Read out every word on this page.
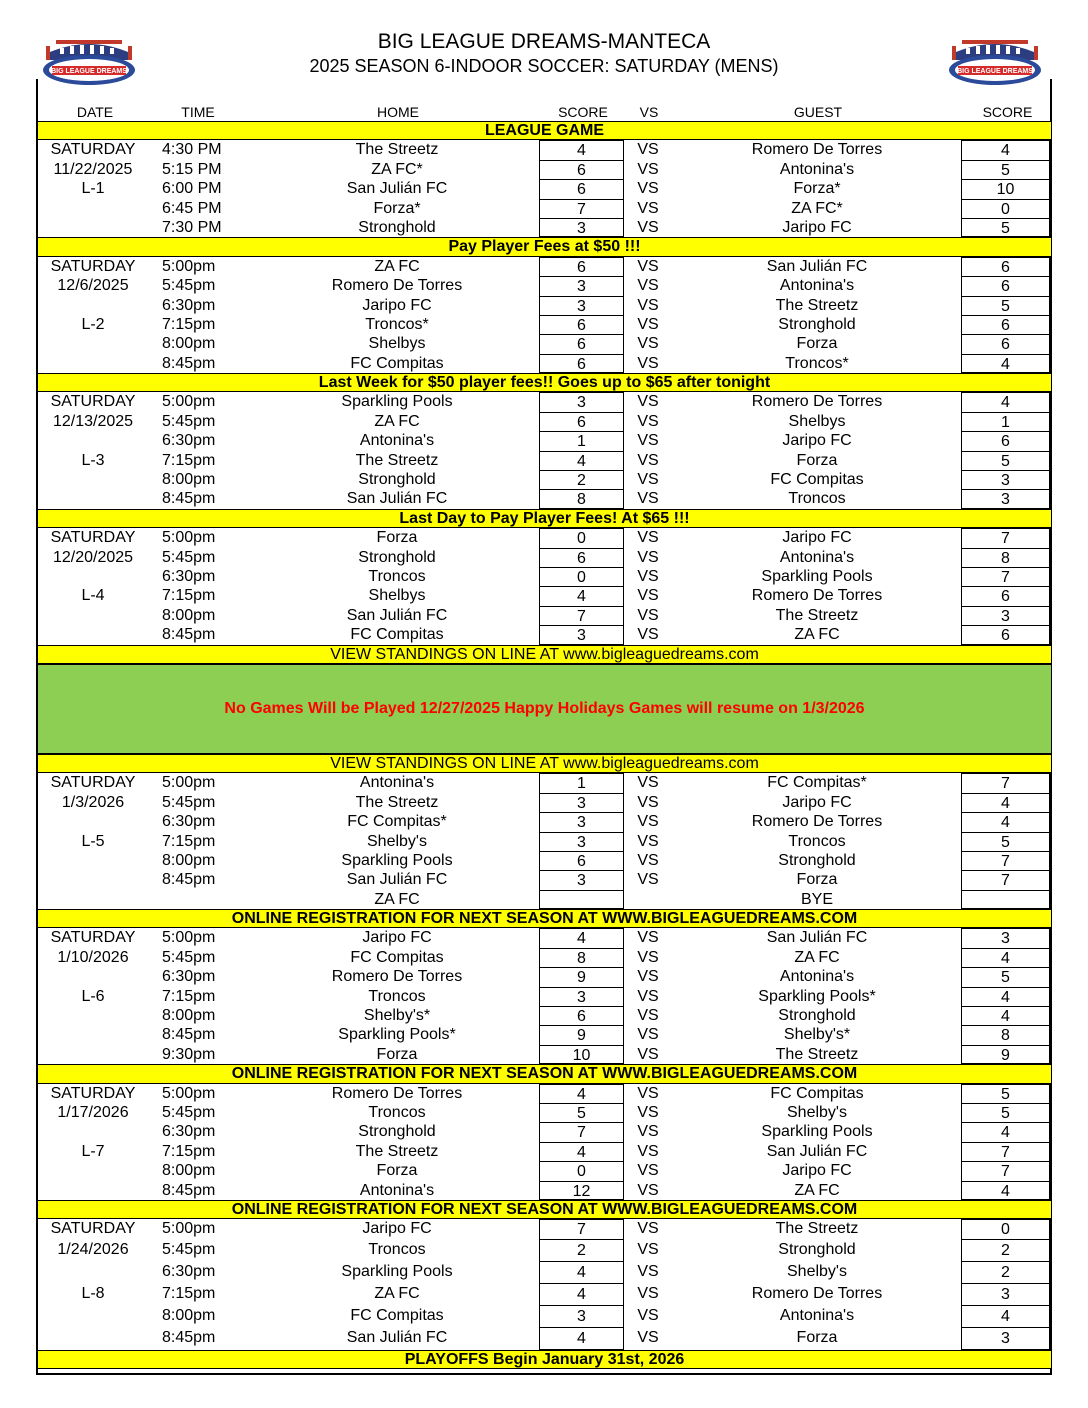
BIG LEAGUE DREAMS
BIG LEAGUE DREAMS-MANTECA
2025 SEASON 6-INDOOR SOCCER: SATURDAY (MENS)	BIG LEAGUE DREAMS
DATE	TIME	HOME	SCORE	VS	GUEST	SCORE
LEAGUE GAME
SATURDAY	4:30 PM	The Streetz	4	VS	Romero De Torres	4
11/22/2025	5:15 PM	ZA FC*	6	VS	Antonina's	5
L-1	6:00 PM	San Julián FC	6	VS	Forza*	10
6:45 PM	Forza*	7	VS	ZA FC*	0
7:30 PM	Stronghold	3	VS	Jaripo FC	5
Pay Player Fees at $50 !!!
SATURDAY	5:00pm	ZA FC	6	VS	San Julián FC	6
12/6/2025	5:45pm	Romero De Torres	3	VS	Antonina's	6
6:30pm	Jaripo FC	3	VS	The Streetz	5
L-2	7:15pm	Troncos*	6	VS	Stronghold	6
8:00pm	Shelbys	6	VS	Forza	6
8:45pm	FC Compitas	6	VS	Troncos*	4
Last Week for $50 player fees!! Goes up to $65 after tonight
SATURDAY	5:00pm	Sparkling Pools	3	VS	Romero De Torres	4
12/13/2025	5:45pm	ZA FC	6	VS	Shelbys	1
6:30pm	Antonina's	1	VS	Jaripo FC	6
L-3	7:15pm	The Streetz	4	VS	Forza	5
8:00pm	Stronghold	2	VS	FC Compitas	3
8:45pm	San Julián FC	8	VS	Troncos	3
Last Day to Pay Player Fees! At $65 !!!
SATURDAY	5:00pm	Forza	0	VS	Jaripo FC	7
12/20/2025	5:45pm	Stronghold	6	VS	Antonina's	8
6:30pm	Troncos	0	VS	Sparkling Pools	7
L-4	7:15pm	Shelbys	4	VS	Romero De Torres	6
8:00pm	San Julián FC	7	VS	The Streetz	3
8:45pm	FC Compitas	3	VS	ZA FC	6
VIEW STANDINGS ON LINE AT www.bigleaguedreams.com
No Games Will be Played 12/27/2025 Happy Holidays Games will resume on 1/3/2026
VIEW STANDINGS ON LINE AT www.bigleaguedreams.com
SATURDAY	5:00pm	Antonina's	1	VS	FC Compitas*	7
1/3/2026	5:45pm	The Streetz	3	VS	Jaripo FC	4
6:30pm	FC Compitas*	3	VS	Romero De Torres	4
L-5	7:15pm	Shelby's	3	VS	Troncos	5
8:00pm	Sparkling Pools	6	VS	Stronghold	7
8:45pm	San Julián FC	3	VS	Forza	7
ZA FC	BYE
ONLINE REGISTRATION FOR NEXT SEASON AT WWW.BIGLEAGUEDREAMS.COM
SATURDAY	5:00pm	Jaripo FC	4	VS	San Julián FC	3
1/10/2026	5:45pm	FC Compitas	8	VS	ZA FC	4
6:30pm	Romero De Torres	9	VS	Antonina's	5
L-6	7:15pm	Troncos	3	VS	Sparkling Pools*	4
8:00pm	Shelby's*	6	VS	Stronghold	4
8:45pm	Sparkling Pools*	9	VS	Shelby's*	8
9:30pm	Forza	10	VS	The Streetz	9
ONLINE REGISTRATION FOR NEXT SEASON AT WWW.BIGLEAGUEDREAMS.COM
SATURDAY	5:00pm	Romero De Torres	4	VS	FC Compitas	5
1/17/2026	5:45pm	Troncos	5	VS	Shelby's	5
6:30pm	Stronghold	7	VS	Sparkling Pools	4
L-7	7:15pm	The Streetz	4	VS	San Julián FC	7
8:00pm	Forza	0	VS	Jaripo FC	7
8:45pm	Antonina's	12	VS	ZA FC	4
ONLINE REGISTRATION FOR NEXT SEASON AT WWW.BIGLEAGUEDREAMS.COM
SATURDAY	5:00pm	Jaripo FC	7	VS	The Streetz	0
1/24/2026	5:45pm	Troncos	2	VS	Stronghold	2
6:30pm	Sparkling Pools	4	VS	Shelby's	2
L-8	7:15pm	ZA FC	4	VS	Romero De Torres	3
8:00pm	FC Compitas	3	VS	Antonina's	4
8:45pm	San Julián FC	4	VS	Forza	3
PLAYOFFS Begin January 31st, 2026
